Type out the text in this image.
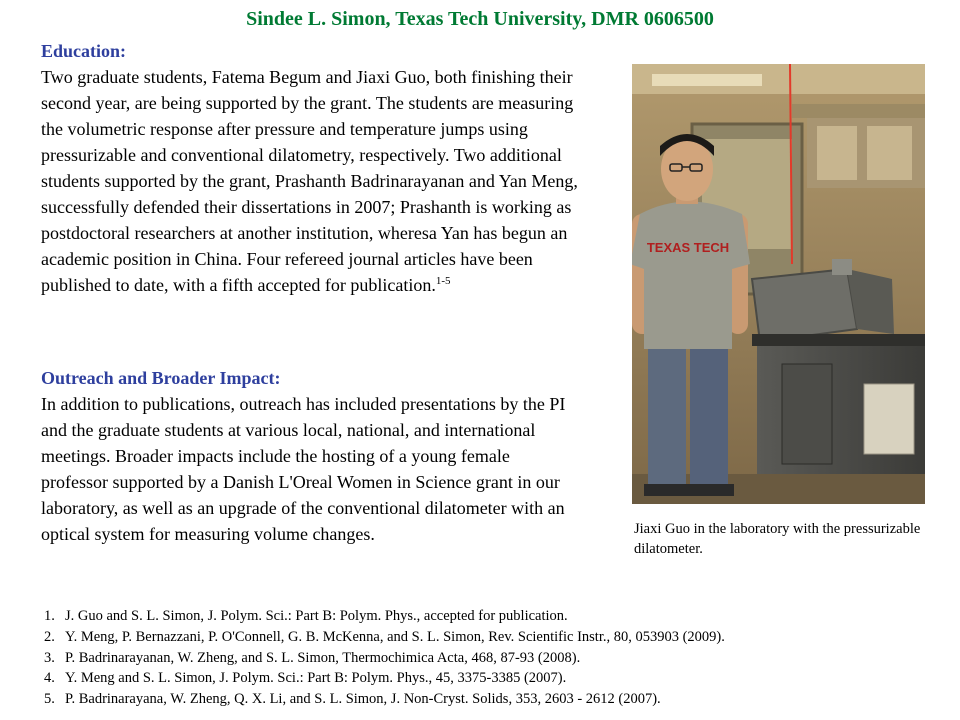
Sindee L. Simon, Texas Tech University, DMR 0606500
Education:
Two graduate students, Fatema Begum and Jiaxi Guo, both finishing their second year, are being supported by the grant. The students are measuring the volumetric response after pressure and temperature jumps using pressurizable and conventional dilatometry, respectively. Two additional students supported by the grant, Prashanth Badrinarayanan and Yan Meng, successfully defended their dissertations in 2007; Prashanth is working as postdoctoral researchers at another institution, wheresa Yan has begun an academic position in China. Four refereed journal articles have been published to date, with a fifth accepted for publication.$^{1-5}$
Outreach and Broader Impact:
In addition to publications, outreach has included presentations by the PI and the graduate students at various local, national, and international meetings. Broader impacts include the hosting of a young female professor supported by a Danish L'Oreal Women in Science grant in our laboratory, as well as an upgrade of the conventional dilatometer with an optical system for measuring volume changes.
TEXAS TECH
Jiaxi Guo in the laboratory with the pressurizable dilatometer.
1. J. Guo and S. L. Simon, J. Polym. Sci.: Part B: Polym. Phys., accepted for publication.
2. Y. Meng, P. Bernazzani, P. O'Connell, G. B. McKenna, and S. L. Simon, Rev. Scientific Instr., 80, 053903 (2009).
3. P. Badrinarayanan, W. Zheng, and S. L. Simon, Thermochimica Acta, 468, 87-93 (2008).
4. Y. Meng and S. L. Simon, J. Polym. Sci.: Part B: Polym. Phys., 45, 3375-3385 (2007).
5. P. Badrinarayana, W. Zheng, Q. X. Li, and S. L. Simon, J. Non-Cryst. Solids, 353, 2603 - 2612 (2007).
